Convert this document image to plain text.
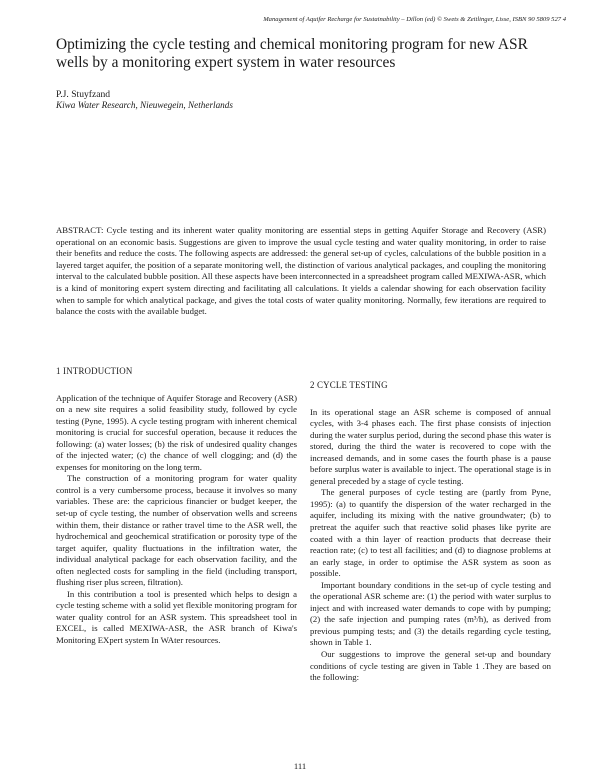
Management of Aquifer Recharge for Sustainability – Dillon (ed) © Swets & Zeitlinger, Lisse, ISBN 90 5809 527 4
Optimizing the cycle testing and chemical monitoring program for new ASR wells by a monitoring expert system in water resources
P.J. Stuyfzand
Kiwa Water Research, Nieuwegein, Netherlands

ABSTRACT: Cycle testing and its inherent water quality monitoring are essential steps in getting Aquifer Storage and Recovery (ASR) operational on an economic basis. Suggestions are given to improve the usual cycle testing and water quality monitoring, in order to raise their benefits and reduce the costs. The following aspects are addressed: the general set-up of cycles, calculations of the bubble position in a layered target aquifer, the position of a separate monitoring well, the distinction of various analytical packages, and coupling the monitoring interval to the calculated bubble position. All these aspects have been interconnected in a spreadsheet program called MEXIWA-ASR, which is a kind of monitoring expert system directing and facilitating all calculations. It yields a calendar showing for each observation facility when to sample for which analytical package, and gives the total costs of water quality monitoring. Normally, few iterations are required to balance the costs with the available budget.

1 INTRODUCTION

Application of the technique of Aquifer Storage and Recovery (ASR) on a new site requires a solid feasibility study, followed by cycle testing (Pyne, 1995). A cycle testing program with inherent chemical monitoring is crucial for succesful operation, because it reduces the following: (a) water losses; (b) the risk of undesired quality changes of the injected water; (c) the chance of well clogging; and (d) the expenses for monitoring on the long term.

The construction of a monitoring program for water quality control is a very cumbersome process, because it involves so many variables. These are: the capricious financier or budget keeper, the set-up of cycle testing, the number of observation wells and screens within them, their distance or rather travel time to the ASR well, the hydrochemical and geochemical stratification or porosity type of the target aquifer, quality fluctuations in the infiltration water, the individual analytical package for each observation facility, and the often neglected costs for sampling in the field (including transport, flushing riser plus screen, filtration).

In this contribution a tool is presented which helps to design a cycle testing scheme with a solid yet flexible monitoring program for water quality control for an ASR system. This spreadsheet tool in EXCEL, is called MEXIWA-ASR, the ASR branch of Kiwa's Monitoring EXpert system In WAter resources.

2 CYCLE TESTING

In its operational stage an ASR scheme is composed of annual cycles, with 3-4 phases each. The first phase consists of injection during the water surplus period, during the second phase this water is stored, during the third the water is recovered to cope with the increased demands, and in some cases the fourth phase is a pause before surplus water is available to inject. The operational stage is in general preceded by a stage of cycle testing.

The general purposes of cycle testing are (partly from Pyne, 1995): (a) to quantify the dispersion of the water recharged in the aquifer, including its mixing with the native groundwater; (b) to pretreat the aquifer such that reactive solid phases like pyrite are coated with a thin layer of reaction products that decrease their reaction rate; (c) to test all facilities; and (d) to diagnose problems at an early stage, in order to optimise the ASR system as soon as possible.

Important boundary conditions in the set-up of cycle testing and the operational ASR scheme are: (1) the period with water surplus to inject and with increased water demands to cope with by pumping; (2) the safe injection and pumping rates (m³/h), as derived from previous pumping tests; and (3) the details regarding cycle testing, shown in Table 1.

Our suggestions to improve the general set-up and boundary conditions of cycle testing are given in Table 1 .They are based on the following:

111
